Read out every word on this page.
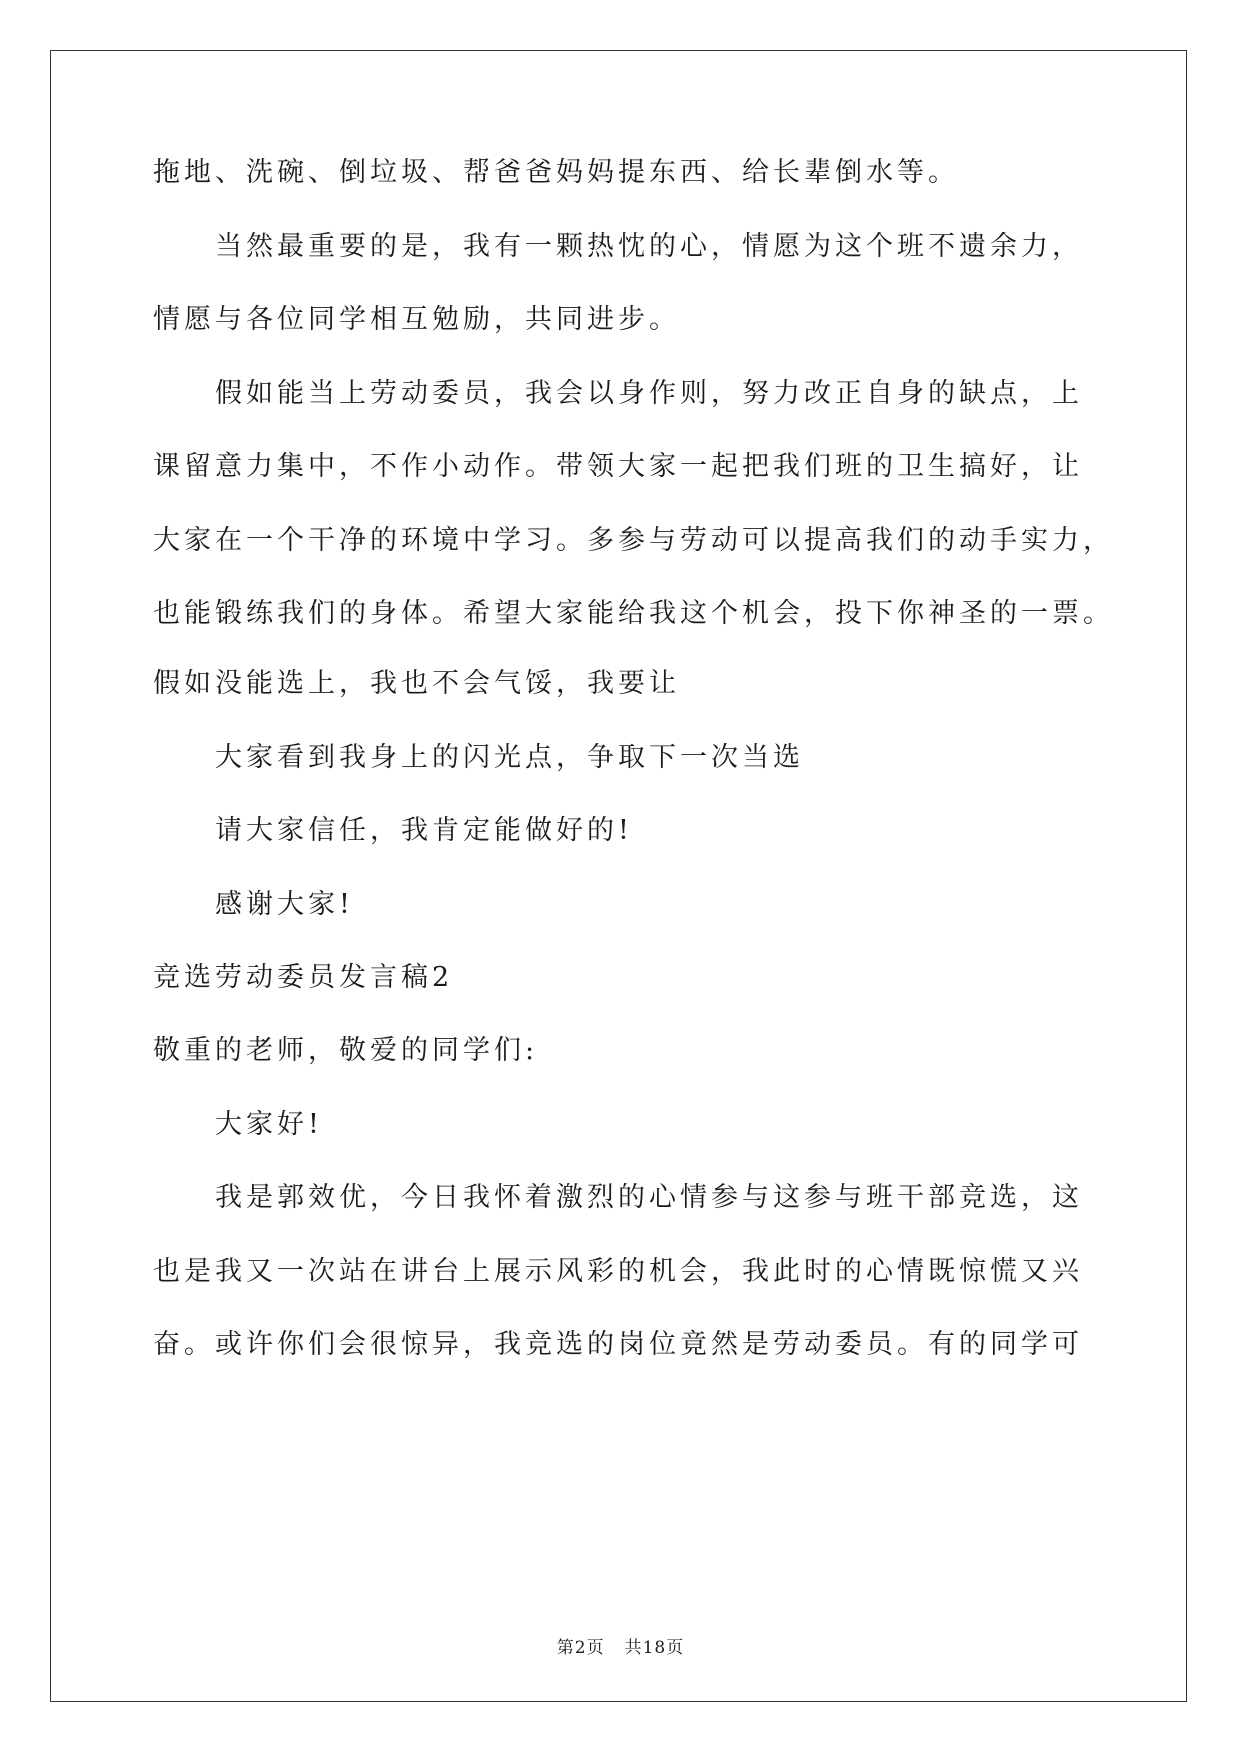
拖地、洗碗、倒垃圾、帮爸爸妈妈提东西、给长辈倒水等。
当然最重要的是，我有一颗热忱的心，情愿为这个班不遗余力，
情愿与各位同学相互勉励，共同进步。
假如能当上劳动委员，我会以身作则，努力改正自身的缺点，上
课留意力集中，不作小动作。带领大家一起把我们班的卫生搞好，让
大家在一个干净的环境中学习。多参与劳动可以提高我们的动手实力，
也能锻练我们的身体。希望大家能给我这个机会，投下你神圣的一票。
假如没能选上，我也不会气馁，我要让
大家看到我身上的闪光点，争取下一次当选
请大家信任，我肯定能做好的!
感谢大家!
竞选劳动委员发言稿2
敬重的老师，敬爱的同学们:
大家好!
我是郭效优，今日我怀着激烈的心情参与这参与班干部竞选，这
也是我又一次站在讲台上展示风彩的机会，我此时的心情既惊慌又兴
奋。或许你们会很惊异，我竞选的岗位竟然是劳动委员。有的同学可
第2页 共18页
